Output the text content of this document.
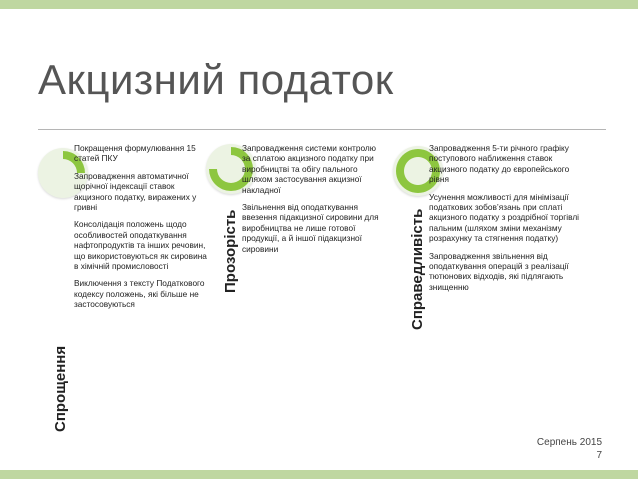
Акцизний податок
Спрощення

Покращення формулювання 15 статей ПКУ

Запровадження автоматичної щорічної індексації ставок акцизного податку, виражених у гривні

Консолідація положень щодо особливостей оподаткування нафтопродуктів та інших речовин, що використовуються як сировина в хімічній промисловості

Виключення з тексту Податкового кодексу положень, які більше не застосовуються

Прозорість

Запровадження системи контролю за сплатою акцизного податку при виробництві та обігу пального шляхом застосування акцизної накладної

Звільнення від оподаткування ввезення підакцизної сировини для виробництва не лише готової продукції, а й іншої підакцизної сировини	Справедливість

Запровадження 5-ти річного графіку поступового наближення ставок акцизного податку до європейського рівня

Усунення можливості для мінімізації податкових зобов’язань при сплаті акцизного податку з роздрібної торгівлі пальним (шляхом зміни механізму розрахунку та стягнення податку)

Запровадження звільнення від оподаткування операцій з реалізації тютюнових відходів, які підлягають знищенню

Серпень 2015
7
